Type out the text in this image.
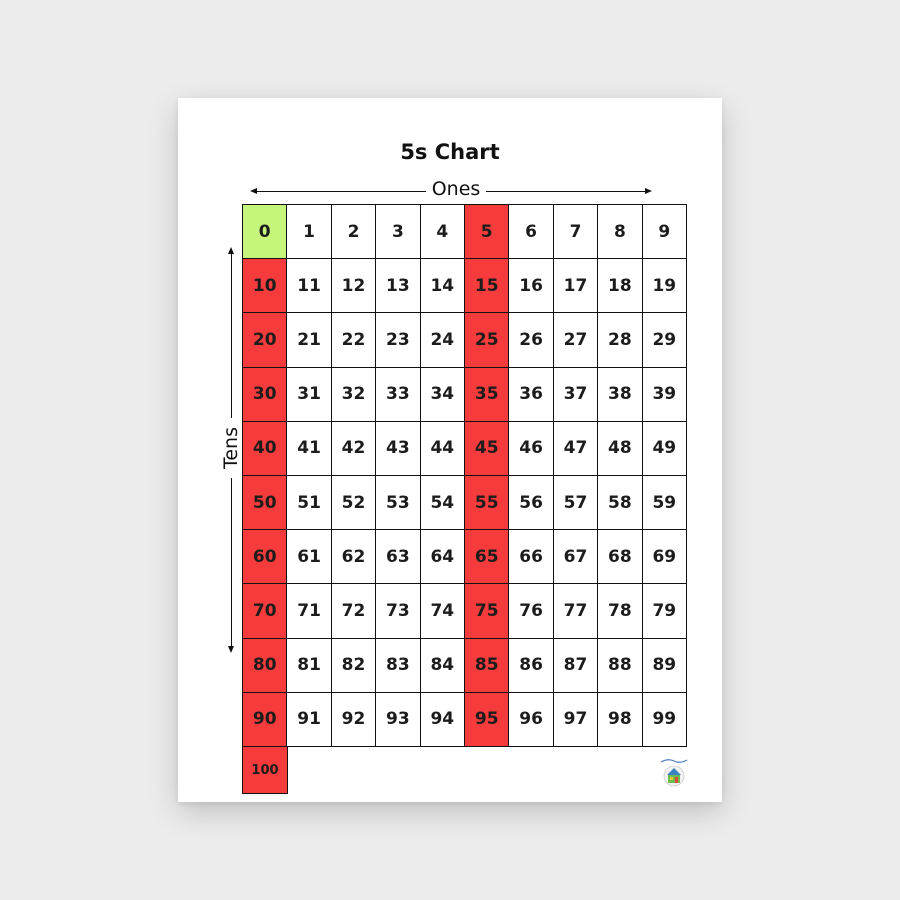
5s Chart
Ones
Tens
0	1	2	3	4	5	6	7	8	9
10	11	12	13	14	15	16	17	18	19
20	21	22	23	24	25	26	27	28	29
30	31	32	33	34	35	36	37	38	39
40	41	42	43	44	45	46	47	48	49
50	51	52	53	54	55	56	57	58	59
60	61	62	63	64	65	66	67	68	69
70	71	72	73	74	75	76	77	78	79
80	81	82	83	84	85	86	87	88	89
90	91	92	93	94	95	96	97	98	99
100
